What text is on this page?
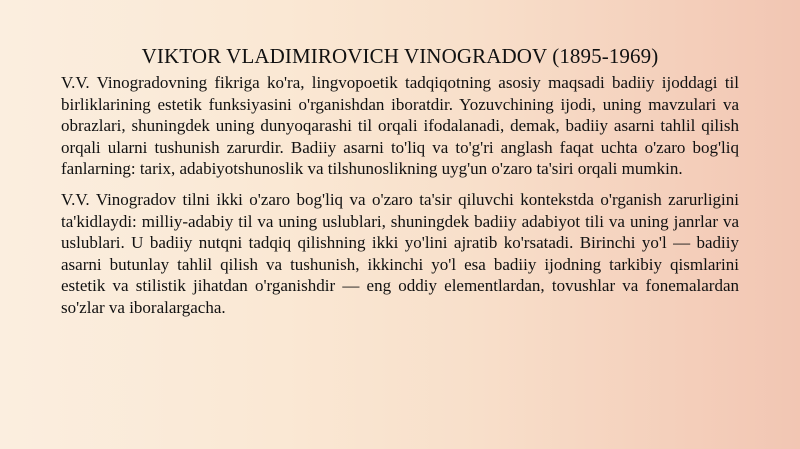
VIKTOR VLADIMIROVICH VINOGRADOV (1895-1969)

V.V. Vinogradovning fikriga ko'ra, lingvopoetik tadqiqotning asosiy maqsadi badiiy ijoddagi til birliklarining estetik funksiyasini o'rganishdan iboratdir. Yozuvchining ijodi, uning mavzulari va obrazlari, shuningdek uning dunyoqarashi til orqali ifodalanadi, demak, badiiy asarni tahlil qilish orqali ularni tushunish zarurdir. Badiiy asarni to'liq va to'g'ri anglash faqat uchta o'zaro bog'liq fanlarning: tarix, adabiyotshunoslik va tilshunoslikning uyg'un o'zaro ta'siri orqali mumkin.

V.V. Vinogradov tilni ikki o'zaro bog'liq va o'zaro ta'sir qiluvchi kontekstda o'rganish zarurligini ta'kidlaydi: milliy-adabiy til va uning uslublari, shuningdek badiiy adabiyot tili va uning janrlar va uslublari. U badiiy nutqni tadqiq qilishning ikki yo'lini ajratib ko'rsatadi. Birinchi yo'l — badiiy asarni butunlay tahlil qilish va tushunish, ikkinchi yo'l esa badiiy ijodning tarkibiy qismlarini estetik va stilistik jihatdan o'rganishdir — eng oddiy elementlardan, tovushlar va fonemalardan so'zlar va iboralargacha.
